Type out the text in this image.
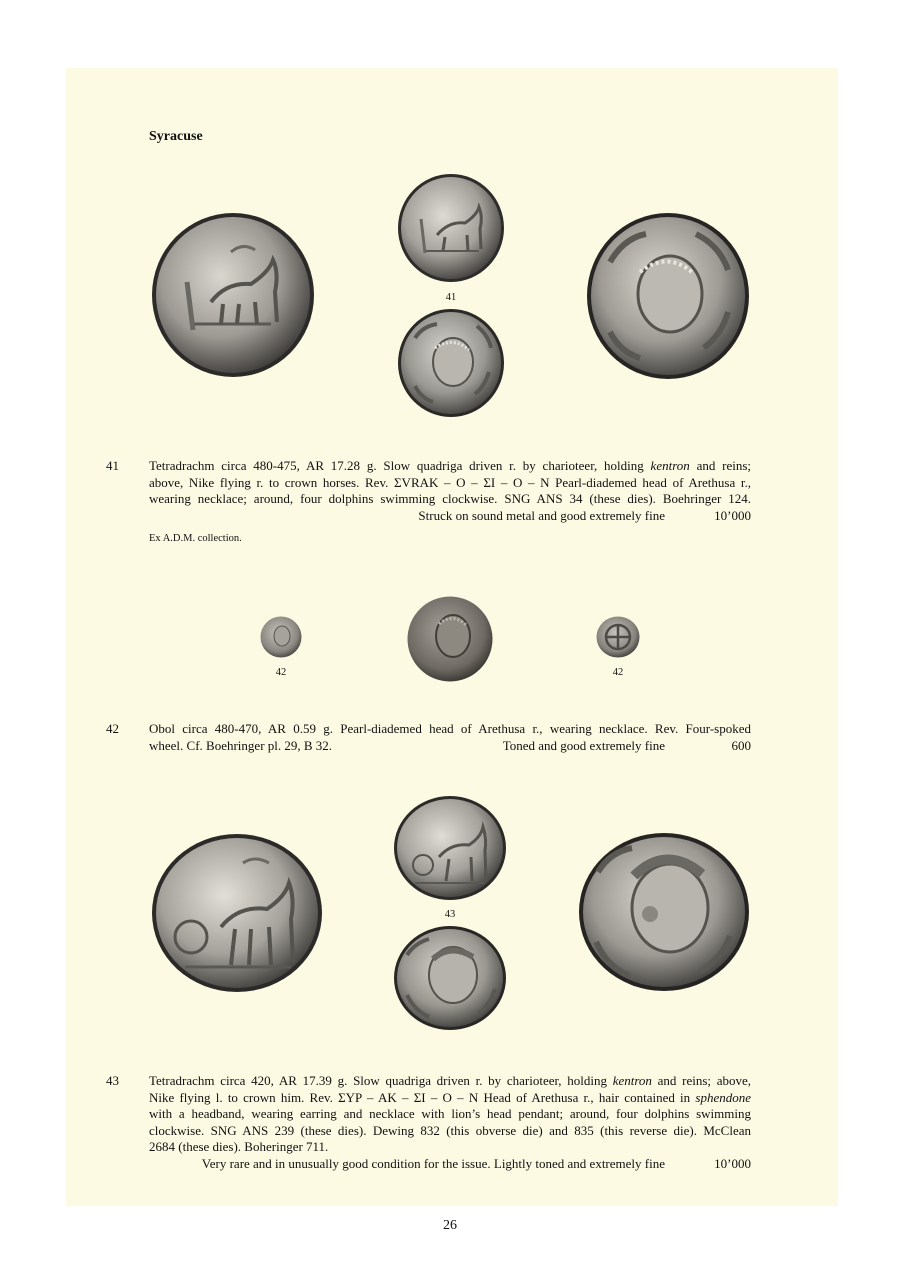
Syracuse
41
41 Tetradrachm circa 480-475, AR 17.28 g. Slow quadriga driven r. by charioteer, holding kentron and reins;
above, Nike flying r. to crown horses. Rev. ΣVRAK – O – ΣI – O – N Pearl-diademed head of Arethusa r.,
wearing necklace; around, four dolphins swimming clockwise. SNG ANS 34 (these dies). Boehringer 124.
Struck on sound metal and good extremely fine	10’000
Ex A.D.M. collection.
42	42
42 Obol circa 480-470, AR 0.59 g. Pearl-diademed head of Arethusa r., wearing necklace. Rev. Four-spoked
wheel. Cf. Boehringer pl. 29, B 32.	Toned and good extremely fine	600
43
43 Tetradrachm circa 420, AR 17.39 g. Slow quadriga driven r. by charioteer, holding kentron and reins; above,
Nike flying l. to crown him. Rev. ΣYP – AK – ΣI – O – N Head of Arethusa r., hair contained in sphendone
with a headband, wearing earring and necklace with lion’s head pendant; around, four dolphins swimming
clockwise. SNG ANS 239 (these dies). Dewing 832 (this obverse die) and 835 (this reverse die). McClean
2684 (these dies). Boheringer 711.
Very rare and in unusually good condition for the issue. Lightly toned and extremely fine	10’000
26
